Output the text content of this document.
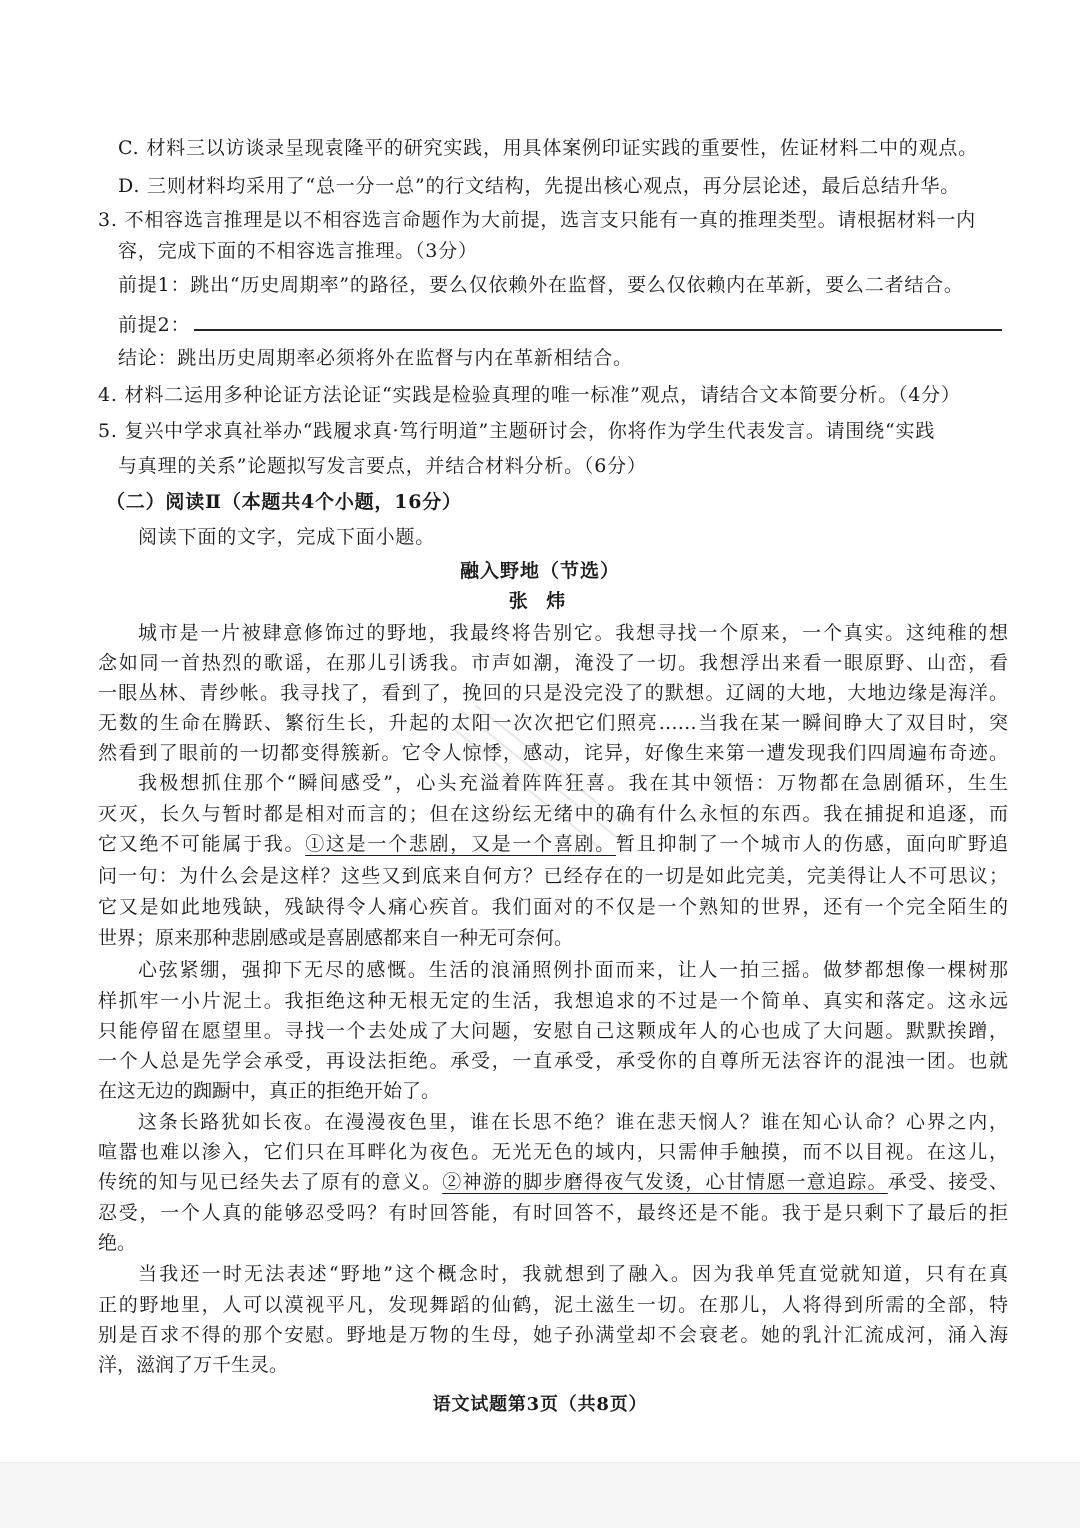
C. 材料三以访谈录呈现袁隆平的研究实践，用具体案例印证实践的重要性，佐证材料二中的观点。
D. 三则材料均采用了“总一分一总”的行文结构，先提出核心观点，再分层论述，最后总结升华。
3. 不相容选言推理是以不相容选言命题作为大前提，选言支只能有一真的推理类型。请根据材料一内
容，完成下面的不相容选言推理。（3分）
前提1：跳出“历史周期率”的路径，要么仅依赖外在监督，要么仅依赖内在革新，要么二者结合。
前提2：
结论：跳出历史周期率必须将外在监督与内在革新相结合。
4. 材料二运用多种论证方法论证“实践是检验真理的唯一标准”观点，请结合文本简要分析。（4分）
5. 复兴中学求真社举办“践履求真·笃行明道”主题研讨会，你将作为学生代表发言。请围绕“实践
与真理的关系”论题拟写发言要点，并结合材料分析。（6分）
（二）阅读Ⅱ（本题共4个小题，16分）
阅读下面的文字，完成下面小题。
融入野地（节选）
张 炜
城市是一片被肆意修饰过的野地，我最终将告别它。我想寻找一个原来，一个真实。这纯稚的想
念如同一首热烈的歌谣，在那儿引诱我。市声如潮，淹没了一切。我想浮出来看一眼原野、山峦，看
一眼丛林、青纱帐。我寻找了，看到了，挽回的只是没完没了的默想。辽阔的大地，大地边缘是海洋。
无数的生命在腾跃、繁衍生长，升起的太阳一次次把它们照亮……当我在某一瞬间睁大了双目时，突
然看到了眼前的一切都变得簇新。它令人惊悸，感动，诧异，好像生来第一遭发现我们四周遍布奇迹。
我极想抓住那个“瞬间感受”，心头充溢着阵阵狂喜。我在其中领悟：万物都在急剧循环，生生
灭灭，长久与暂时都是相对而言的；但在这纷纭无绪中的确有什么永恒的东西。我在捕捉和追逐，而
它又绝不可能属于我。①这是一个悲剧，又是一个喜剧。暂且抑制了一个城市人的伤感，面向旷野追
问一句：为什么会是这样？这些又到底来自何方？已经存在的一切是如此完美，完美得让人不可思议；
它又是如此地残缺，残缺得令人痛心疾首。我们面对的不仅是一个熟知的世界，还有一个完全陌生的
世界；原来那种悲剧感或是喜剧感都来自一种无可奈何。
心弦紧绷，强抑下无尽的感慨。生活的浪涌照例扑面而来，让人一拍三摇。做梦都想像一棵树那
样抓牢一小片泥土。我拒绝这种无根无定的生活，我想追求的不过是一个简单、真实和落定。这永远
只能停留在愿望里。寻找一个去处成了大问题，安慰自己这颗成年人的心也成了大问题。默默挨蹭，
一个人总是先学会承受，再设法拒绝。承受，一直承受，承受你的自尊所无法容许的混浊一团。也就
在这无边的踟蹰中，真正的拒绝开始了。
这条长路犹如长夜。在漫漫夜色里，谁在长思不绝？谁在悲天悯人？谁在知心认命？心界之内，
喧嚣也难以渗入，它们只在耳畔化为夜色。无光无色的域内，只需伸手触摸，而不以目视。在这儿，
传统的知与见已经失去了原有的意义。②神游的脚步磨得夜气发烫，心甘情愿一意追踪。承受、接受、
忍受，一个人真的能够忍受吗？有时回答能，有时回答不，最终还是不能。我于是只剩下了最后的拒
绝。
当我还一时无法表述“野地”这个概念时，我就想到了融入。因为我单凭直觉就知道，只有在真
正的野地里，人可以漠视平凡，发现舞蹈的仙鹤，泥土滋生一切。在那儿，人将得到所需的全部，特
别是百求不得的那个安慰。野地是万物的生母，她子孙满堂却不会衰老。她的乳汁汇流成河，涌入海
洋，滋润了万千生灵。
语文试题第3页（共8页）
